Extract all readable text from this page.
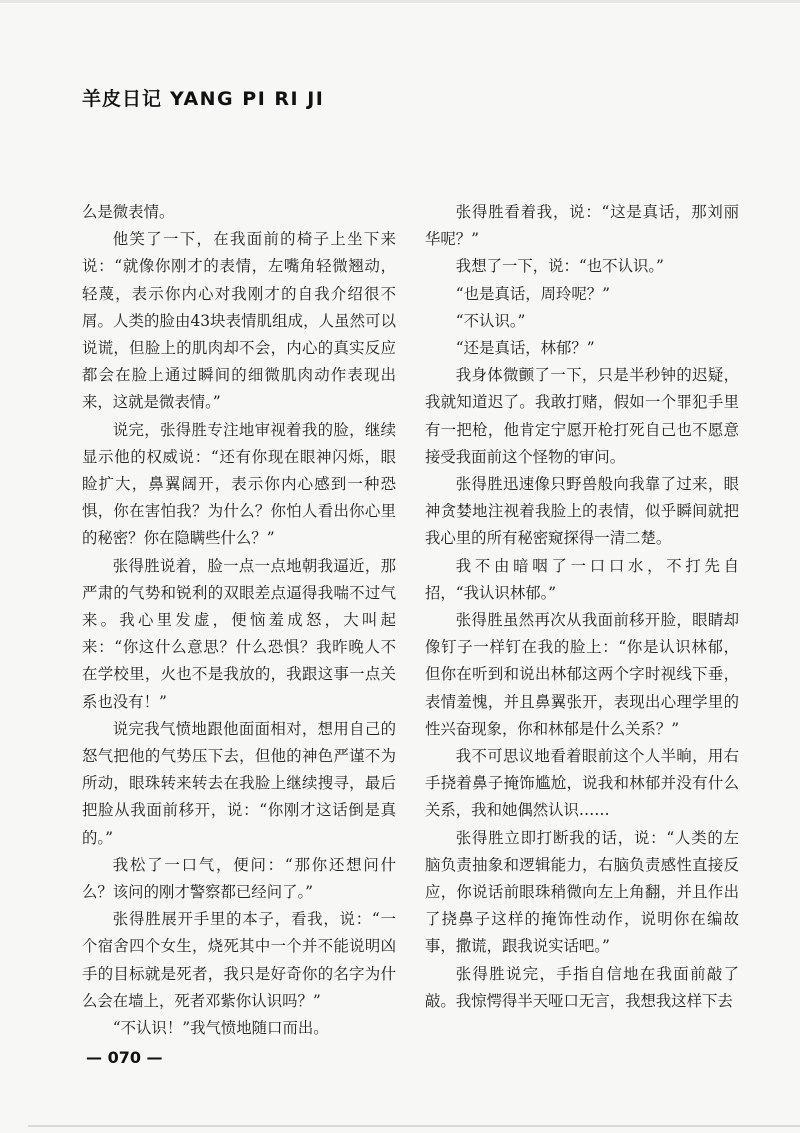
羊皮日记 YANG PI RI JI

么是微表情。

他笑了一下，在我面前的椅子上坐下来说：“就像你刚才的表情，左嘴角轻微翘动，轻蔑，表示你内心对我刚才的自我介绍很不屑。人类的脸由43块表情肌组成，人虽然可以说谎，但脸上的肌肉却不会，内心的真实反应都会在脸上通过瞬间的细微肌肉动作表现出来，这就是微表情。”

说完，张得胜专注地审视着我的脸，继续显示他的权威说：“还有你现在眼神闪烁，眼睑扩大，鼻翼阔开，表示你内心感到一种恐惧，你在害怕我？为什么？你怕人看出你心里的秘密？你在隐瞒些什么？”

张得胜说着，脸一点一点地朝我逼近，那严肃的气势和锐利的双眼差点逼得我喘不过气来。我心里发虚，便恼羞成怒，大叫起来：“你这什么意思？什么恐惧？我昨晚人不在学校里，火也不是我放的，我跟这事一点关系也没有！”

说完我气愤地跟他面面相对，想用自己的怒气把他的气势压下去，但他的神色严谨不为所动，眼珠转来转去在我脸上继续搜寻，最后把脸从我面前移开，说：“你刚才这话倒是真的。”

我松了一口气，便问：“那你还想问什么？该问的刚才警察都已经问了。”

张得胜展开手里的本子，看我，说：“一个宿舍四个女生，烧死其中一个并不能说明凶手的目标就是死者，我只是好奇你的名字为什么会在墙上，死者邓紫你认识吗？”

“不认识！”我气愤地随口而出。

张得胜看着我，说：“这是真话，那刘丽华呢？”

我想了一下，说：“也不认识。”

“也是真话，周玲呢？”

“不认识。”

“还是真话，林郁？”

我身体微颤了一下，只是半秒钟的迟疑，我就知道迟了。我敢打赌，假如一个罪犯手里有一把枪，他肯定宁愿开枪打死自己也不愿意接受我面前这个怪物的审问。

张得胜迅速像只野兽般向我靠了过来，眼神贪婪地注视着我脸上的表情，似乎瞬间就把我心里的所有秘密窥探得一清二楚。

我不由暗咽了一口口水，不打先自招，“我认识林郁。”

张得胜虽然再次从我面前移开脸，眼睛却像钉子一样钉在我的脸上：“你是认识林郁，但你在听到和说出林郁这两个字时视线下垂，表情羞愧，并且鼻翼张开，表现出心理学里的性兴奋现象，你和林郁是什么关系？”

我不可思议地看着眼前这个人半晌，用右手挠着鼻子掩饰尴尬，说我和林郁并没有什么关系，我和她偶然认识……

张得胜立即打断我的话，说：“人类的左脑负责抽象和逻辑能力，右脑负责感性直接反应，你说话前眼珠稍微向左上角翻，并且作出了挠鼻子这样的掩饰性动作，说明你在编故事，撒谎，跟我说实话吧。”

张得胜说完，手指自信地在我面前敲了敲。我惊愕得半天哑口无言，我想我这样下去

— 070 —
